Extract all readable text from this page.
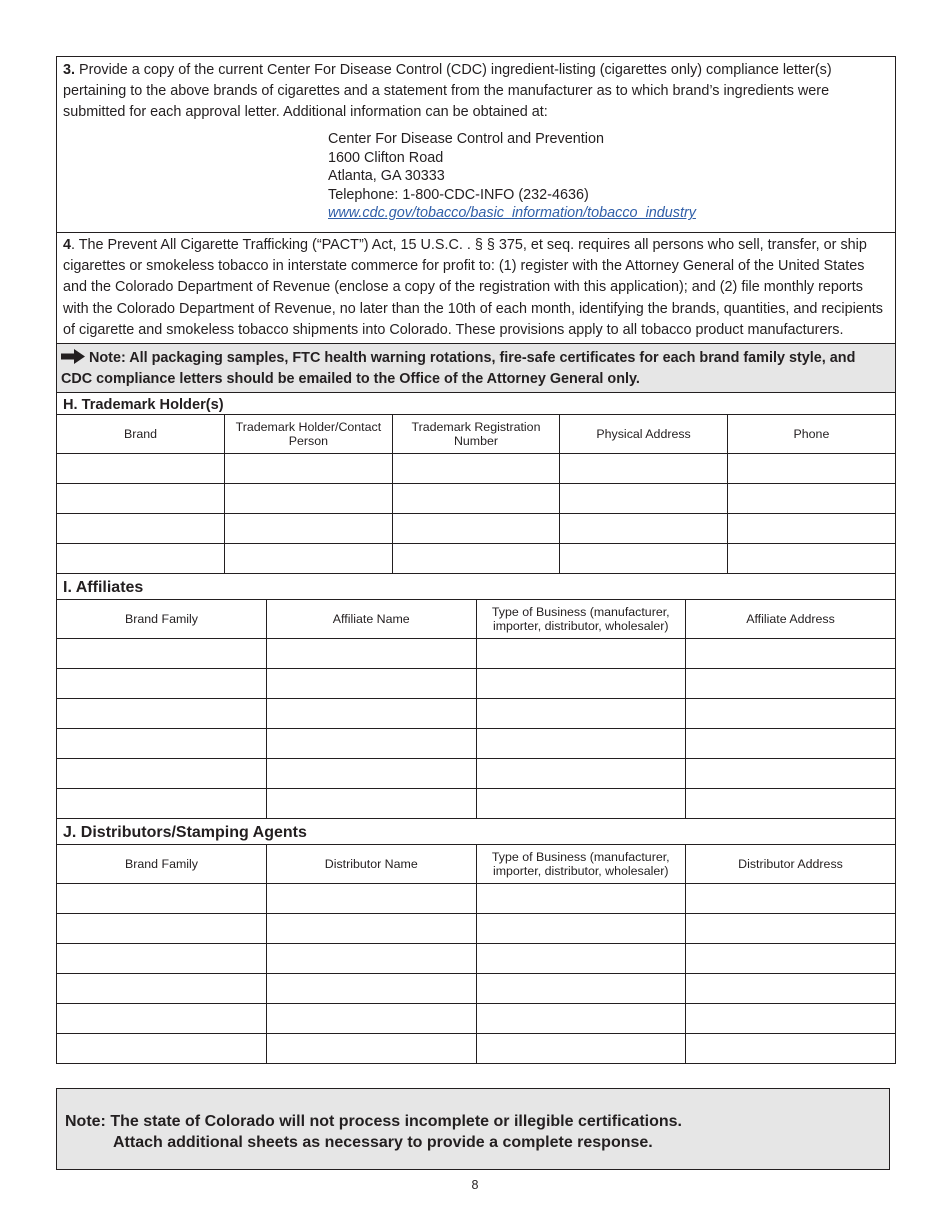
3. Provide a copy of the current Center For Disease Control (CDC) ingredient-listing (cigarettes only) compliance letter(s) pertaining to the above brands of cigarettes and a statement from the manufacturer as to which brand’s ingredients were submitted for each approval letter. Additional information can be obtained at:
Center For Disease Control and Prevention
1600 Clifton Road
Atlanta, GA 30333
Telephone: 1-800-CDC-INFO (232-4636)
www.cdc.gov/tobacco/basic_information/tobacco_industry
4. The Prevent All Cigarette Trafficking (“PACT”) Act, 15 U.S.C. . § § 375, et seq. requires all persons who sell, transfer, or ship cigarettes or smokeless tobacco in interstate commerce for profit to: (1) register with the Attorney General of the United States and the Colorado Department of Revenue (enclose a copy of the registration with this application); and (2) file monthly reports with the Colorado Department of Revenue, no later than the 10th of each month, identifying the brands, quantities, and recipients of cigarette and smokeless tobacco shipments into Colorado. These provisions apply to all tobacco product manufacturers.
Note: All packaging samples, FTC health warning rotations, fire-safe certificates for each brand family style, and CDC compliance letters should be emailed to the Office of the Attorney General only.
H. Trademark Holder(s)
Brand	Trademark Holder/Contact Person	Trademark Registration Number	Physical Address	Phone

I. Affiliates
Brand Family	Affiliate Name	Type of Business (manufacturer, importer, distributor, wholesaler)	Affiliate Address

J. Distributors/Stamping Agents
Brand Family	Distributor Name	Type of Business (manufacturer, importer, distributor, wholesaler)	Distributor Address

Note: The state of Colorado will not process incomplete or illegible certifications.
Attach additional sheets as necessary to provide a complete response.
8
